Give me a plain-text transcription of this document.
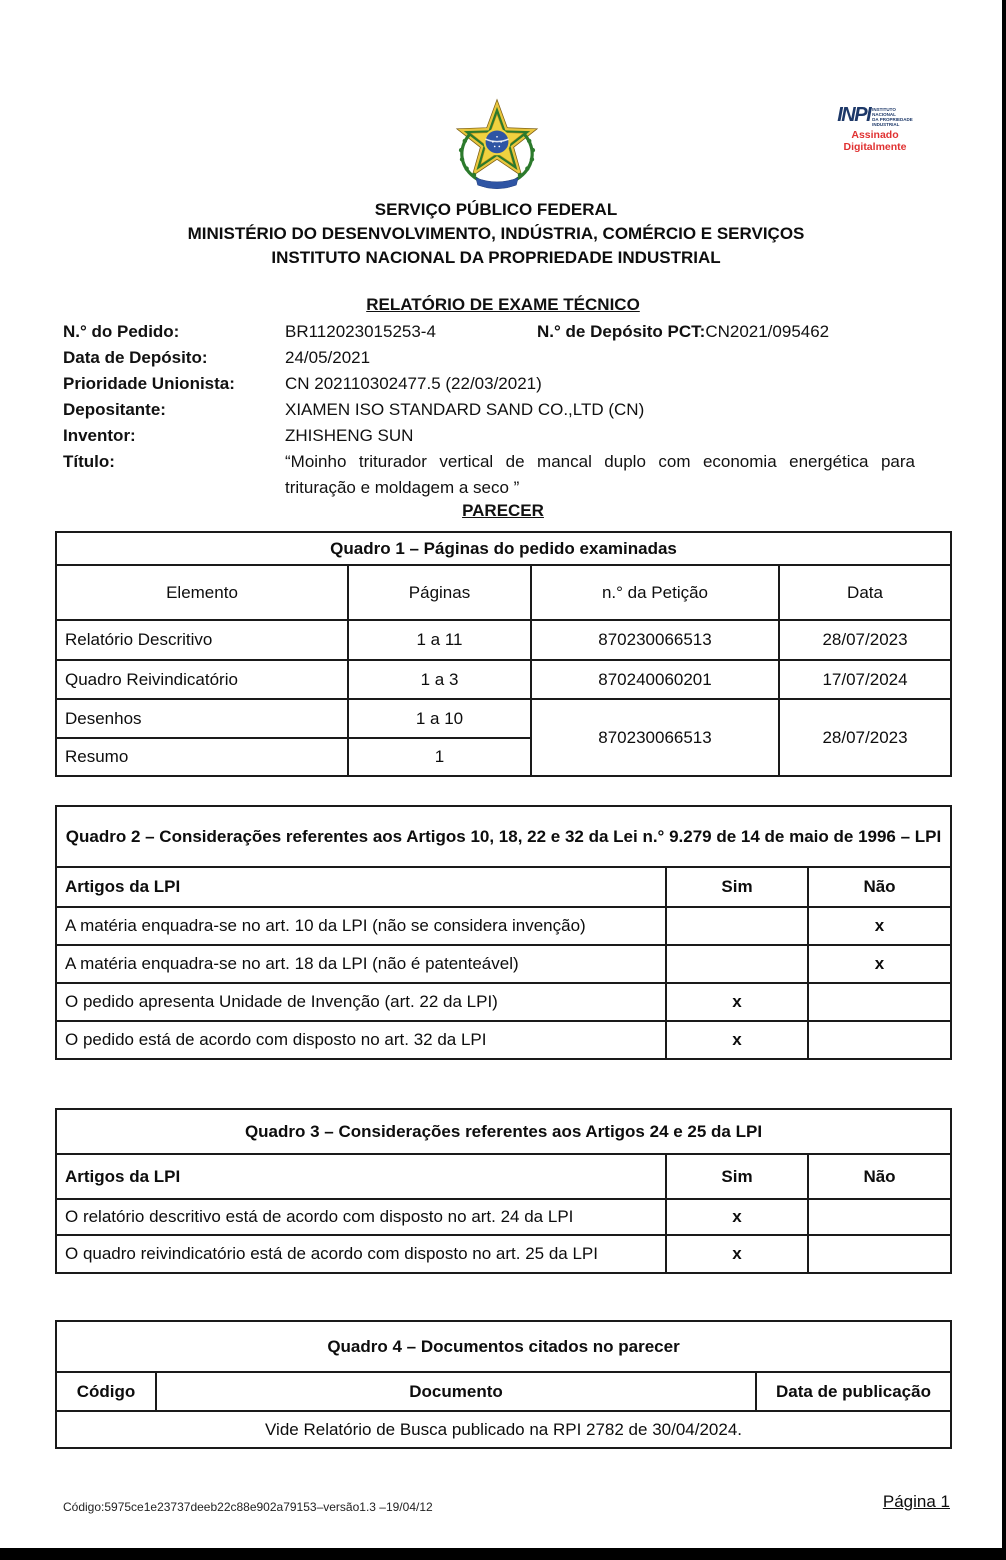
INPI INSTITUTO
NACIONAL
DA PROPRIEDADE
INDUSTRIAL
Assinado
Digitalmente
SERVIÇO PÚBLICO FEDERAL
MINISTÉRIO DO DESENVOLVIMENTO, INDÚSTRIA, COMÉRCIO E SERVIÇOS
INSTITUTO NACIONAL DA PROPRIEDADE INDUSTRIAL
RELATÓRIO DE EXAME TÉCNICO
N.° do Pedido:	BR112023015253-4	N.° de Depósito PCT:CN2021/095462
Data de Depósito:	24/05/2021
Prioridade Unionista:	CN 202110302477.5 (22/03/2021)
Depositante:	XIAMEN ISO STANDARD SAND CO.,LTD (CN)
Inventor:	ZHISHENG SUN
Título:	“Moinho triturador vertical de mancal duplo com economia energética para trituração e moldagem a seco ”
PARECER
Quadro 1 – Páginas do pedido examinadas			
Elemento	Páginas	n.° da Petição	Data
Relatório Descritivo	1 a 11	870230066513	28/07/2023
Quadro Reivindicatório	1 a 3	870240060201	17/07/2024
Desenhos	1 a 10	870230066513	28/07/2023
Resumo	1		
Quadro 2 – Considerações referentes aos Artigos 10, 18, 22 e 32 da Lei n.° 9.279 de 14 de maio de 1996 – LPI		
Artigos da LPI	Sim	Não
A matéria enquadra-se no art. 10 da LPI (não se considera invenção)		x
A matéria enquadra-se no art. 18 da LPI (não é patenteável)		x
O pedido apresenta Unidade de Invenção (art. 22 da LPI)	x	
O pedido está de acordo com disposto no art. 32 da LPI	x	
Quadro 3 – Considerações referentes aos Artigos 24 e 25 da LPI		
Artigos da LPI	Sim	Não
O relatório descritivo está de acordo com disposto no art. 24 da LPI	x	
O quadro reivindicatório está de acordo com disposto no art. 25 da LPI	x	
Quadro 4 – Documentos citados no parecer
Código	Documento	Data de publicação
Vide Relatório de Busca publicado na RPI 2782 de 30/04/2024.
Código:5975ce1e23737deeb22c88e902a79153–versão1.3 –19/04/12	Página 1
